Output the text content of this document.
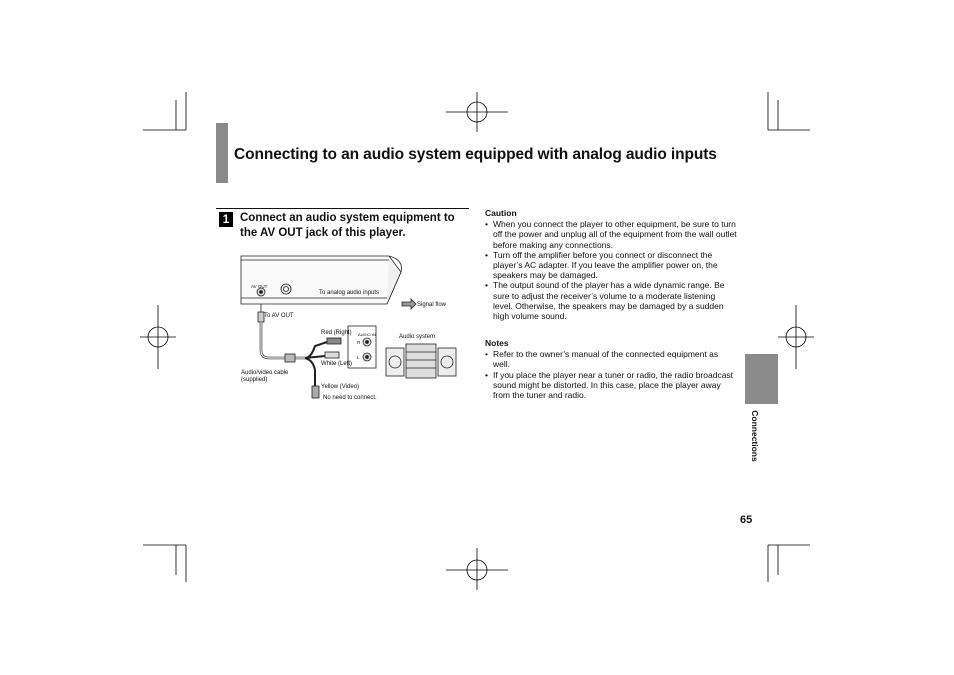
Connecting to an audio system equipped with analog audio inputs
1 Connect an audio system equipment to the AV OUT jack of this player.
AV OUT
To AV OUT
Signal flow
To analog audio inputs
AUDIO IN
R
L
Red (Right)
White (Left)
Audio system
Audio/video cable
(supplied)
Yellow (Video)
No need to connect.

Caution

• When you connect the player to other equipment, be sure to turn off the power and unplug all of the equipment from the wall outlet before making any connections.
• Turn off the amplifier before you connect or disconnect the player’s AC adapter. If you leave the amplifier power on, the speakers may be damaged.
• The output sound of the player has a wide dynamic range. Be sure to adjust the receiver’s volume to a moderate listening level. Otherwise, the speakers may be damaged by a sudden high volume sound.

Notes

• Refer to the owner’s manual of the connected equipment as well.
• If you place the player near a tuner or radio, the radio broadcast sound might be distorted. In this case, place the player away from the tuner and radio.
Connections
65
